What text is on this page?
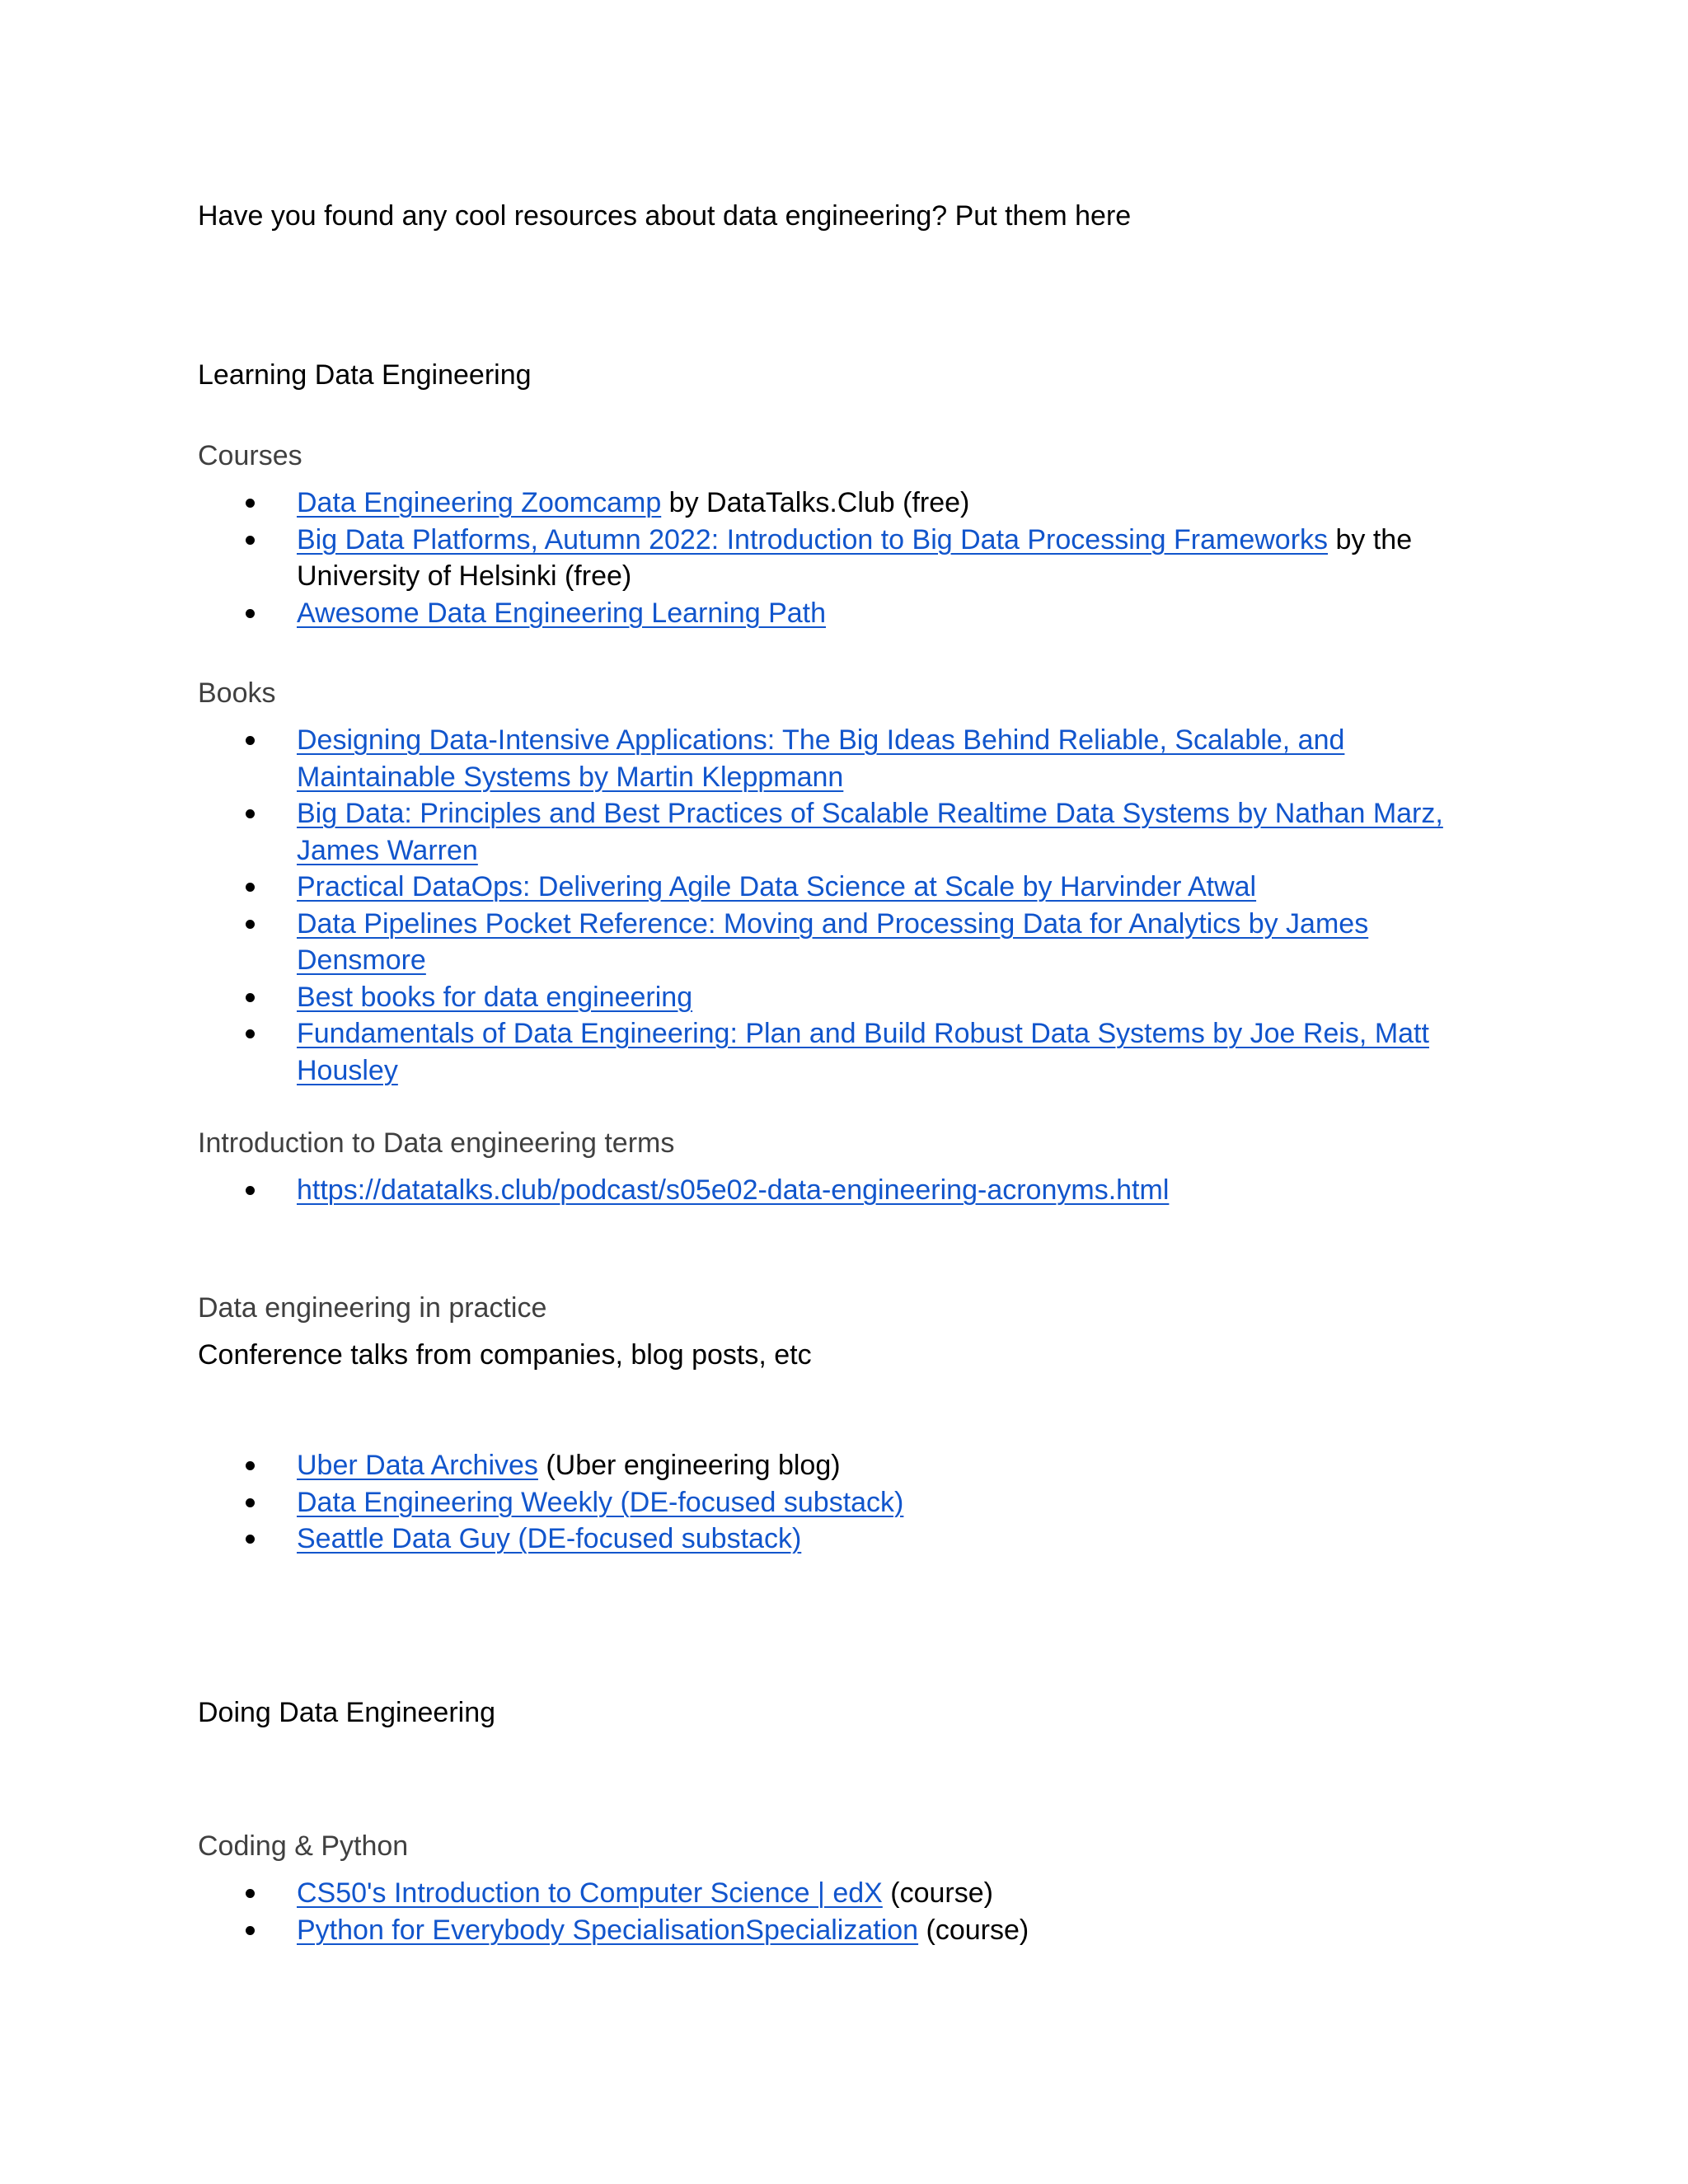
Have you found any cool resources about data engineering? Put them here
Learning Data Engineering
Courses
Data Engineering Zoomcamp by DataTalks.Club (free)
Big Data Platforms, Autumn 2022: Introduction to Big Data Processing Frameworks by the University of Helsinki (free)
Awesome Data Engineering Learning Path
Books
Designing Data-Intensive Applications: The Big Ideas Behind Reliable, Scalable, and Maintainable Systems by Martin Kleppmann
Big Data: Principles and Best Practices of Scalable Realtime Data Systems by Nathan Marz, James Warren
Practical DataOps: Delivering Agile Data Science at Scale by Harvinder Atwal
Data Pipelines Pocket Reference: Moving and Processing Data for Analytics by James Densmore
Best books for data engineering
Fundamentals of Data Engineering: Plan and Build Robust Data Systems by Joe Reis, Matt Housley
Introduction to Data engineering terms
https://datatalks.club/podcast/s05e02-data-engineering-acronyms.html
Data engineering in practice
Conference talks from companies, blog posts, etc
Uber Data Archives (Uber engineering blog)
Data Engineering Weekly (DE-focused substack)
Seattle Data Guy (DE-focused substack)
Doing Data Engineering
Coding & Python
CS50's Introduction to Computer Science | edX (course)
Python for Everybody SpecialisationSpecialization (course)
